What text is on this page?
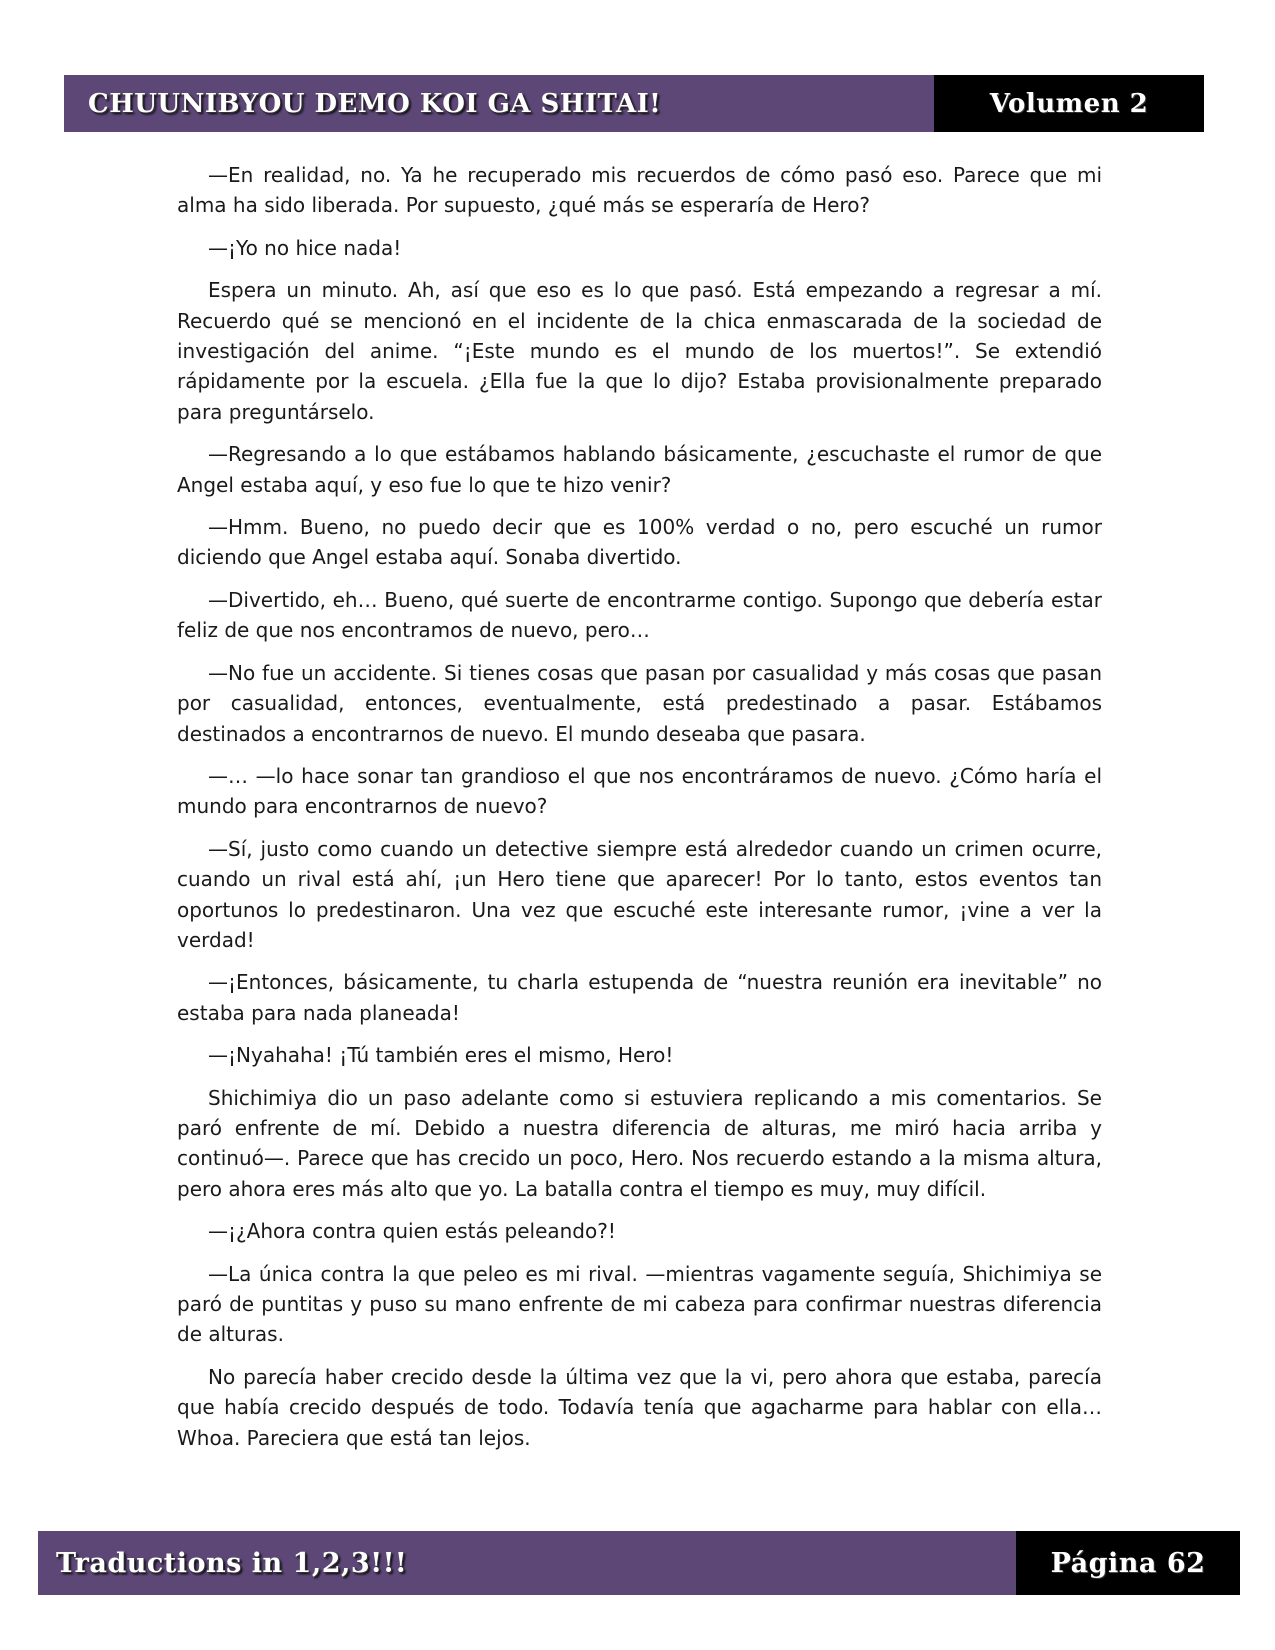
CHUUNIBYOU DEMO KOI GA SHITAI!	Volumen 2

—En realidad, no. Ya he recuperado mis recuerdos de cómo pasó eso. Parece que mi alma ha sido liberada. Por supuesto, ¿qué más se esperaría de Hero?

—¡Yo no hice nada!

Espera un minuto. Ah, así que eso es lo que pasó. Está empezando a regresar a mí. Recuerdo qué se mencionó en el incidente de la chica enmascarada de la sociedad de investigación del anime. “¡Este mundo es el mundo de los muertos!”. Se extendió rápidamente por la escuela. ¿Ella fue la que lo dijo? Estaba provisionalmente preparado para preguntárselo.

—Regresando a lo que estábamos hablando básicamente, ¿escuchaste el rumor de que Angel estaba aquí, y eso fue lo que te hizo venir?

—Hmm. Bueno, no puedo decir que es 100% verdad o no, pero escuché un rumor diciendo que Angel estaba aquí. Sonaba divertido.

—Divertido, eh… Bueno, qué suerte de encontrarme contigo. Supongo que debería estar feliz de que nos encontramos de nuevo, pero…

—No fue un accidente. Si tienes cosas que pasan por casualidad y más cosas que pasan por casualidad, entonces, eventualmente, está predestinado a pasar. Estábamos destinados a encontrarnos de nuevo. El mundo deseaba que pasara.

—… —lo hace sonar tan grandioso el que nos encontráramos de nuevo. ¿Cómo haría el mundo para encontrarnos de nuevo?

—Sí, justo como cuando un detective siempre está alrededor cuando un crimen ocurre, cuando un rival está ahí, ¡un Hero tiene que aparecer! Por lo tanto, estos eventos tan oportunos lo predestinaron. Una vez que escuché este interesante rumor, ¡vine a ver la verdad!

—¡Entonces, básicamente, tu charla estupenda de “nuestra reunión era inevitable” no estaba para nada planeada!

—¡Nyahaha! ¡Tú también eres el mismo, Hero!

Shichimiya dio un paso adelante como si estuviera replicando a mis comentarios. Se paró enfrente de mí. Debido a nuestra diferencia de alturas, me miró hacia arriba y continuó—. Parece que has crecido un poco, Hero. Nos recuerdo estando a la misma altura, pero ahora eres más alto que yo. La batalla contra el tiempo es muy, muy difícil.

—¡¿Ahora contra quien estás peleando?!

—La única contra la que peleo es mi rival. —mientras vagamente seguía, Shichimiya se paró de puntitas y puso su mano enfrente de mi cabeza para confirmar nuestras diferencia de alturas.

No parecía haber crecido desde la última vez que la vi, pero ahora que estaba, parecía que había crecido después de todo. Todavía tenía que agacharme para hablar con ella… Whoa. Pareciera que está tan lejos.

Traductions in 1,2,3!!!	Página 62
